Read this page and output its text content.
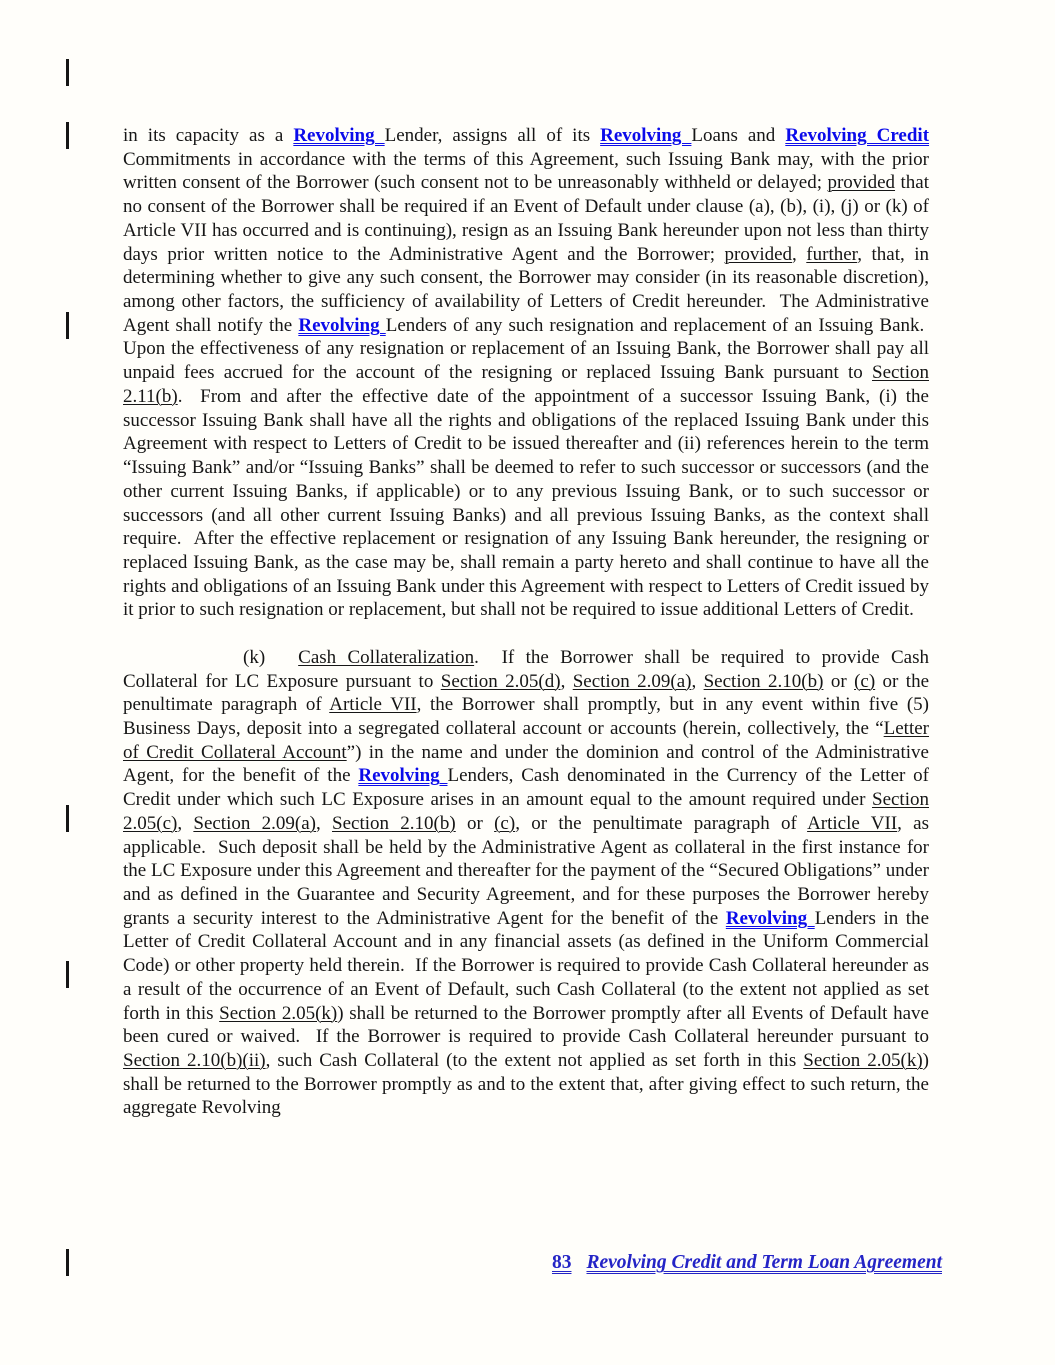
in its capacity as a Revolving Lender, assigns all of its Revolving Loans and Revolving Credit Commitments in accordance with the terms of this Agreement, such Issuing Bank may, with the prior written consent of the Borrower (such consent not to be unreasonably withheld or delayed; provided that no consent of the Borrower shall be required if an Event of Default under clause (a), (b), (i), (j) or (k) of Article VII has occurred and is continuing), resign as an Issuing Bank hereunder upon not less than thirty days prior written notice to the Administrative Agent and the Borrower; provided, further, that, in determining whether to give any such consent, the Borrower may consider (in its reasonable discretion), among other factors, the sufficiency of availability of Letters of Credit hereunder.  The Administrative Agent shall notify the Revolving Lenders of any such resignation and replacement of an Issuing Bank.  Upon the effectiveness of any resignation or replacement of an Issuing Bank, the Borrower shall pay all unpaid fees accrued for the account of the resigning or replaced Issuing Bank pursuant to Section 2.11(b).  From and after the effective date of the appointment of a successor Issuing Bank, (i) the successor Issuing Bank shall have all the rights and obligations of the replaced Issuing Bank under this Agreement with respect to Letters of Credit to be issued thereafter and (ii) references herein to the term “Issuing Bank” and/or “Issuing Banks” shall be deemed to refer to such successor or successors (and the other current Issuing Banks, if applicable) or to any previous Issuing Bank, or to such successor or successors (and all other current Issuing Banks) and all previous Issuing Banks, as the context shall require.  After the effective replacement or resignation of any Issuing Bank hereunder, the resigning or replaced Issuing Bank, as the case may be, shall remain a party hereto and shall continue to have all the rights and obligations of an Issuing Bank under this Agreement with respect to Letters of Credit issued by it prior to such resignation or replacement, but shall not be required to issue additional Letters of Credit.

(k) Cash Collateralization.  If the Borrower shall be required to provide Cash Collateral for LC Exposure pursuant to Section 2.05(d), Section 2.09(a), Section 2.10(b) or (c) or the penultimate paragraph of Article VII, the Borrower shall promptly, but in any event within five (5) Business Days, deposit into a segregated collateral account or accounts (herein, collectively, the “Letter of Credit Collateral Account”) in the name and under the dominion and control of the Administrative Agent, for the benefit of the Revolving Lenders, Cash denominated in the Currency of the Letter of Credit under which such LC Exposure arises in an amount equal to the amount required under Section 2.05(c), Section 2.09(a), Section 2.10(b) or (c), or the penultimate paragraph of Article VII, as applicable.  Such deposit shall be held by the Administrative Agent as collateral in the first instance for the LC Exposure under this Agreement and thereafter for the payment of the “Secured Obligations” under and as defined in the Guarantee and Security Agreement, and for these purposes the Borrower hereby grants a security interest to the Administrative Agent for the benefit of the Revolving Lenders in the Letter of Credit Collateral Account and in any financial assets (as defined in the Uniform Commercial Code) or other property held therein.  If the Borrower is required to provide Cash Collateral hereunder as a result of the occurrence of an Event of Default, such Cash Collateral (to the extent not applied as set forth in this Section 2.05(k)) shall be returned to the Borrower promptly after all Events of Default have been cured or waived.  If the Borrower is required to provide Cash Collateral hereunder pursuant to Section 2.10(b)(ii), such Cash Collateral (to the extent not applied as set forth in this Section 2.05(k)) shall be returned to the Borrower promptly as and to the extent that, after giving effect to such return, the aggregate Revolving

83 Revolving Credit and Term Loan Agreement
